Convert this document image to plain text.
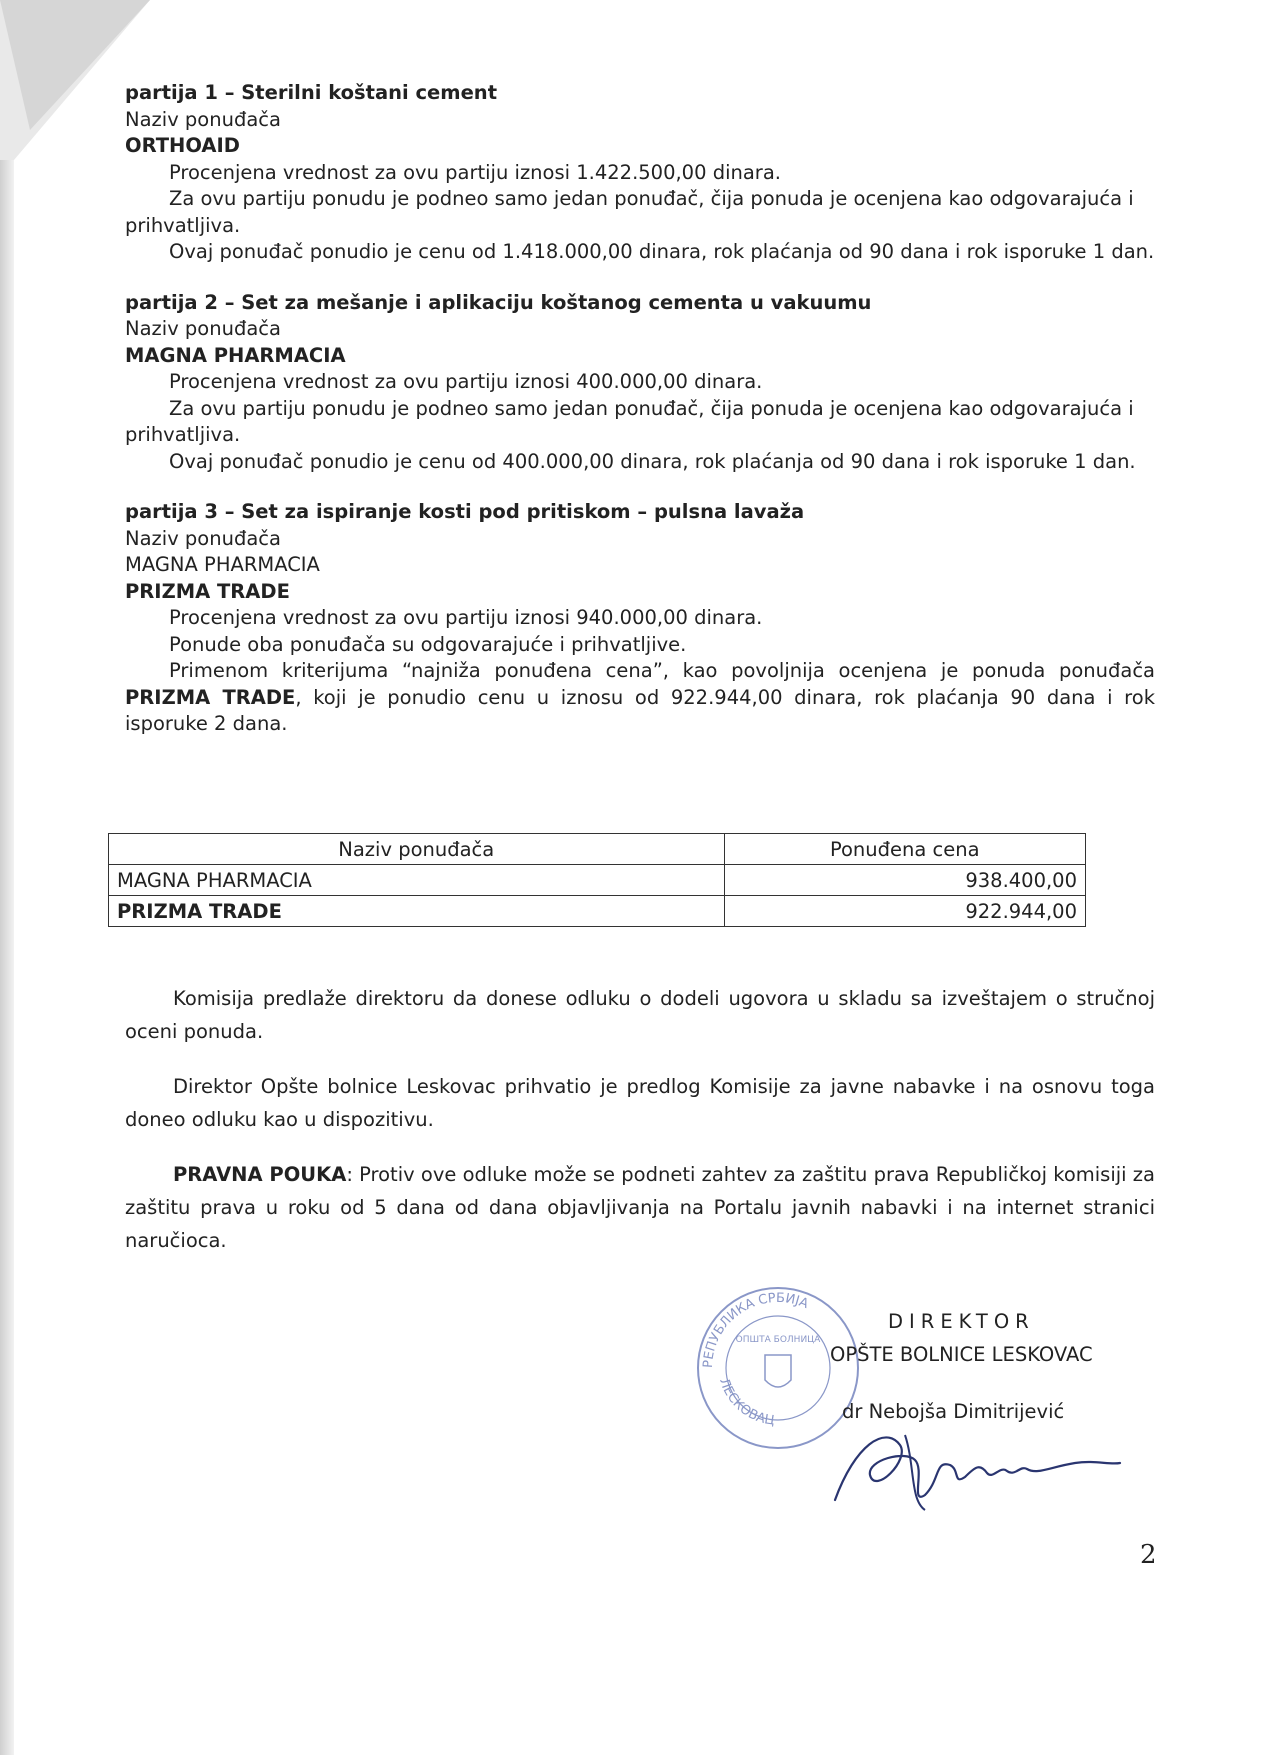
partija 1 – Sterilni koštani cement

Naziv ponuđača

ORTHOAID

Procenjena vrednost za ovu partiju iznosi 1.422.500,00 dinara.

Za ovu partiju ponudu je podneo samo jedan ponuđač, čija ponuda je ocenjena kao odgovarajuća i prihvatljiva.

Ovaj ponuđač ponudio je cenu od 1.418.000,00 dinara, rok plaćanja od 90 dana i rok isporuke 1 dan.

partija 2 – Set za mešanje i aplikaciju koštanog cementa u vakuumu

Naziv ponuđača

MAGNA PHARMACIA

Procenjena vrednost za ovu partiju iznosi 400.000,00 dinara.

Za ovu partiju ponudu je podneo samo jedan ponuđač, čija ponuda je ocenjena kao odgovarajuća i prihvatljiva.

Ovaj ponuđač ponudio je cenu od 400.000,00 dinara, rok plaćanja od 90 dana i rok isporuke 1 dan.

partija 3 – Set za ispiranje kosti pod pritiskom – pulsna lavaža

Naziv ponuđača

MAGNA PHARMACIA

PRIZMA TRADE

Procenjena vrednost za ovu partiju iznosi 940.000,00 dinara.

Ponude oba ponuđača su odgovarajuće i prihvatljive.

Primenom kriterijuma “najniža ponuđena cena”, kao povoljnija ocenjena je ponuda ponuđača PRIZMA TRADE, koji je ponudio cenu u iznosu od 922.944,00 dinara, rok plaćanja 90 dana i rok isporuke 2 dana.

Naziv ponuđača	Ponuđena cena
MAGNA PHARMACIA	938.400,00
PRIZMA TRADE	922.944,00

Komisija predlaže direktoru da donese odluku o dodeli ugovora u skladu sa izveštajem o stručnoj oceni ponuda.

Direktor Opšte bolnice Leskovac prihvatio je predlog Komisije za javne nabavke i na osnovu toga doneo odluku kao u dispozitivu.

PRAVNA POUKA: Protiv ove odluke može se podneti zahtev za zaštitu prava Republičkoj komisiji za zaštitu prava u roku od 5 dana od dana objavljivanja na Portalu javnih nabavki i na internet stranici naručioca.

РЕПУБЛИКА СРБИЈА
ЛЕСКОВАЦ
ОПШТА БОЛНИЦА
DIREKTOR
OPŠTE BOLNICE LESKOVAC
dr Nebojša Dimitrijević
2
